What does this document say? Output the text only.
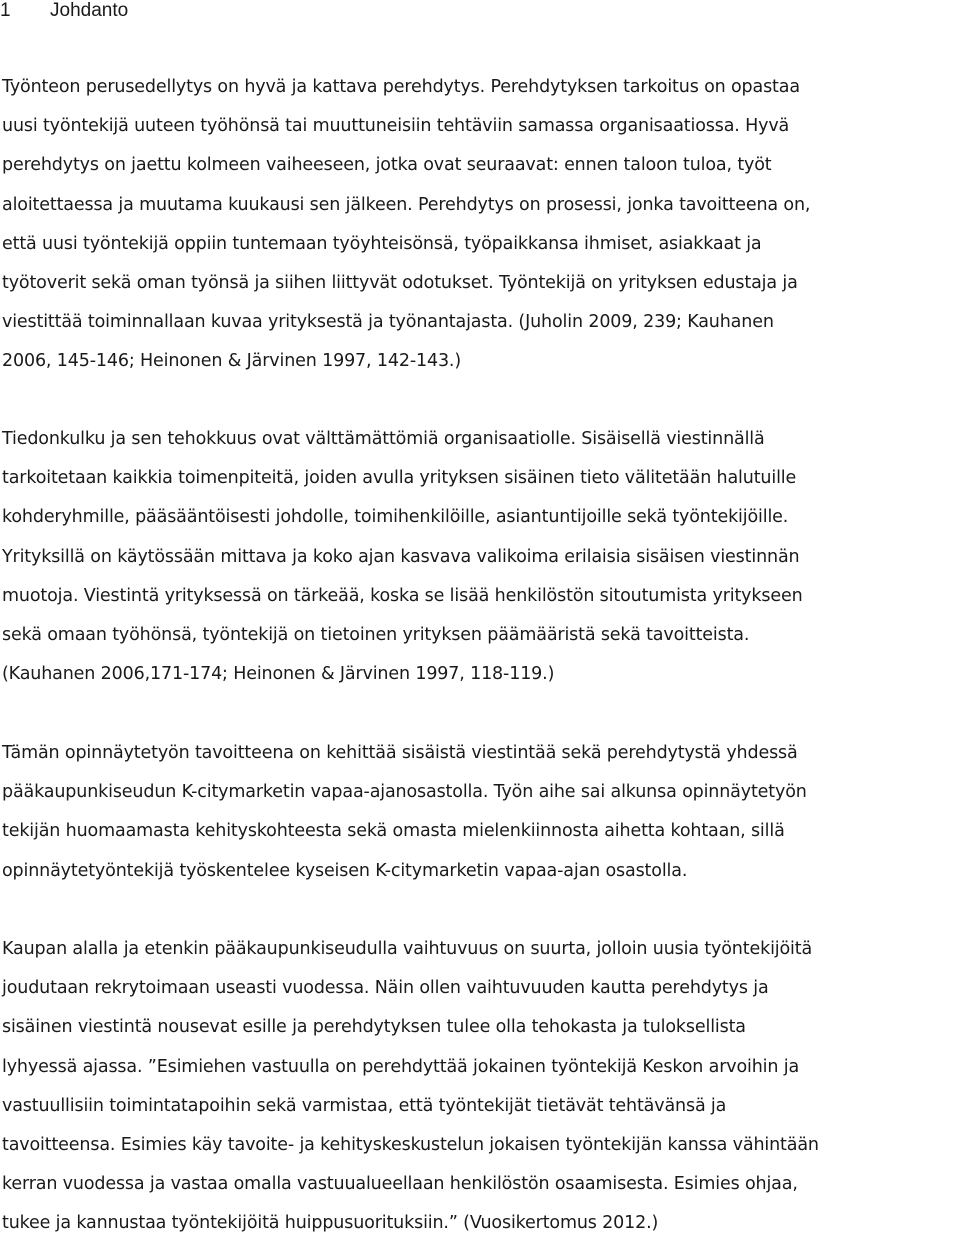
1 Johdanto

Työnteon perusedellytys on hyvä ja kattava perehdytys. Perehdytyksen tarkoitus on opastaa
uusi työntekijä uuteen työhönsä tai muuttuneisiin tehtäviin samassa organisaatiossa. Hyvä
perehdytys on jaettu kolmeen vaiheeseen, jotka ovat seuraavat: ennen taloon tuloa, työt
aloitettaessa ja muutama kuukausi sen jälkeen. Perehdytys on prosessi, jonka tavoitteena on,
että uusi työntekijä oppiin tuntemaan työyhteisönsä, työpaikkansa ihmiset, asiakkaat ja
työtoverit sekä oman työnsä ja siihen liittyvät odotukset. Työntekijä on yrityksen edustaja ja
viestittää toiminnallaan kuvaa yrityksestä ja työnantajasta. (Juholin 2009, 239; Kauhanen
2006, 145-146; Heinonen & Järvinen 1997, 142-143.)

Tiedonkulku ja sen tehokkuus ovat välttämättömiä organisaatiolle. Sisäisellä viestinnällä
tarkoitetaan kaikkia toimenpiteitä, joiden avulla yrityksen sisäinen tieto välitetään halutuille
kohderyhmille, pääsääntöisesti johdolle, toimihenkilöille, asiantuntijoille sekä työntekijöille.
Yrityksillä on käytössään mittava ja koko ajan kasvava valikoima erilaisia sisäisen viestinnän
muotoja. Viestintä yrityksessä on tärkeää, koska se lisää henkilöstön sitoutumista yritykseen
sekä omaan työhönsä, työntekijä on tietoinen yrityksen päämääristä sekä tavoitteista.
(Kauhanen 2006,171-174; Heinonen & Järvinen 1997, 118-119.)

Tämän opinnäytetyön tavoitteena on kehittää sisäistä viestintää sekä perehdytystä yhdessä
pääkaupunkiseudun K-citymarketin vapaa-ajanosastolla. Työn aihe sai alkunsa opinnäytetyön
tekijän huomaamasta kehityskohteesta sekä omasta mielenkiinnosta aihetta kohtaan, sillä
opinnäytetyöntekijä työskentelee kyseisen K-citymarketin vapaa-ajan osastolla.

Kaupan alalla ja etenkin pääkaupunkiseudulla vaihtuvuus on suurta, jolloin uusia työntekijöitä
joudutaan rekrytoimaan useasti vuodessa. Näin ollen vaihtuvuuden kautta perehdytys ja
sisäinen viestintä nousevat esille ja perehdytyksen tulee olla tehokasta ja tuloksellista
lyhyessä ajassa. ”Esimiehen vastuulla on perehdyttää jokainen työntekijä Keskon arvoihin ja
vastuullisiin toimintatapoihin sekä varmistaa, että työntekijät tietävät tehtävänsä ja
tavoitteensa. Esimies käy tavoite- ja kehityskeskustelun jokaisen työntekijän kanssa vähintään
kerran vuodessa ja vastaa omalla vastuualueellaan henkilöstön osaamisesta. Esimies ohjaa,
tukee ja kannustaa työntekijöitä huippusuorituksiin.” (Vuosikertomus 2012.)
